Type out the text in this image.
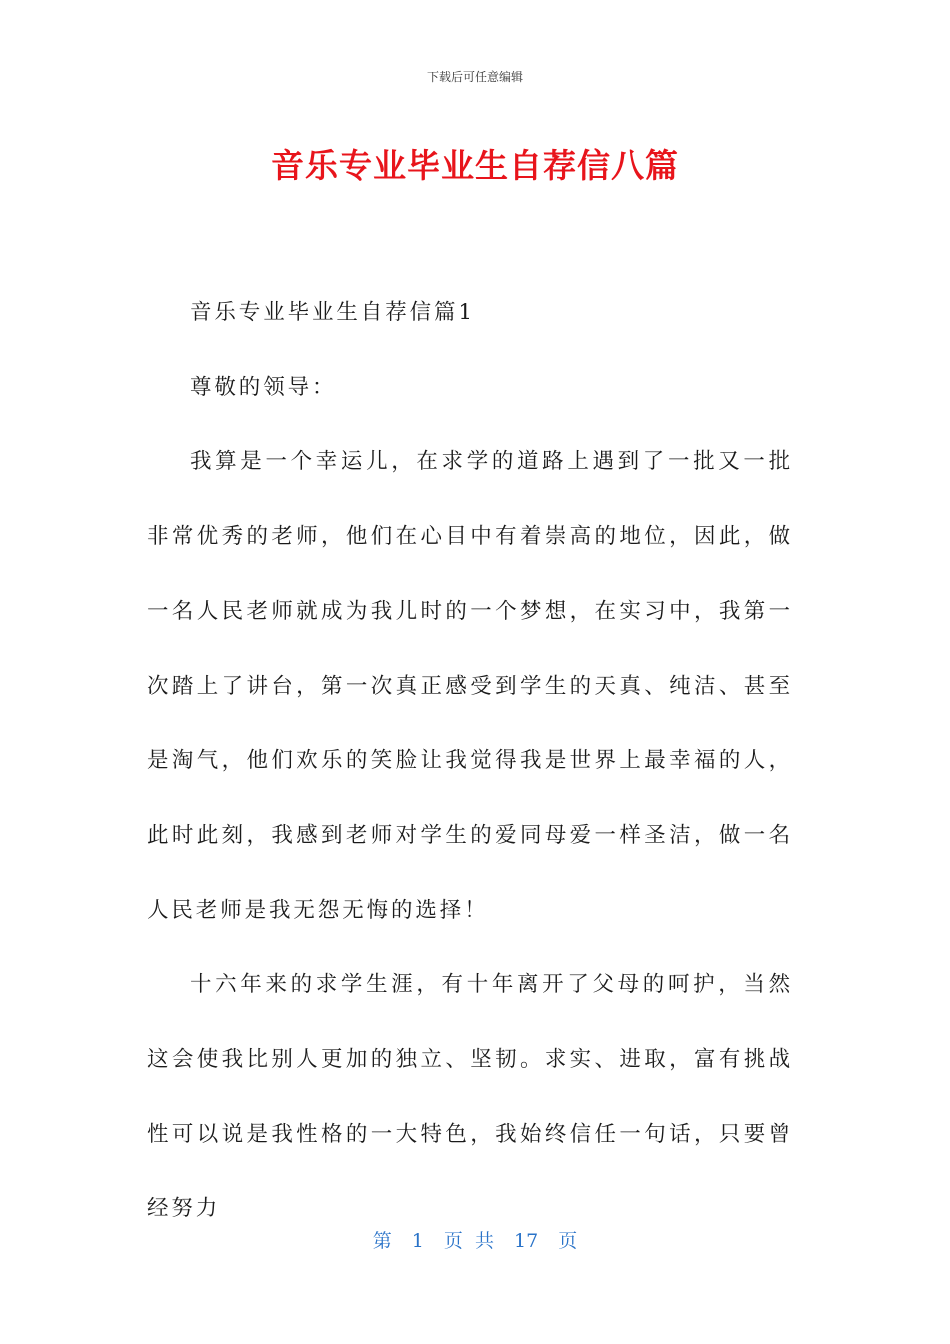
下载后可任意编辑
音乐专业毕业生自荐信八篇

音乐专业毕业生自荐信篇1

尊敬的领导：

我算是一个幸运儿，在求学的道路上遇到了一批又一批非常优秀的老师，他们在心目中有着崇高的地位，因此，做一名人民老师就成为我儿时的一个梦想，在实习中，我第一次踏上了讲台，第一次真正感受到学生的天真、纯洁、甚至是淘气，他们欢乐的笑脸让我觉得我是世界上最幸福的人，此时此刻，我感到老师对学生的爱同母爱一样圣洁，做一名人民老师是我无怨无悔的选择！

十六年来的求学生涯，有十年离开了父母的呵护，当然这会使我比别人更加的独立、坚韧。求实、进取，富有挑战性可以说是我性格的一大特色，我始终信任一句话，只要曾经努力

第 1 页 共 17 页
